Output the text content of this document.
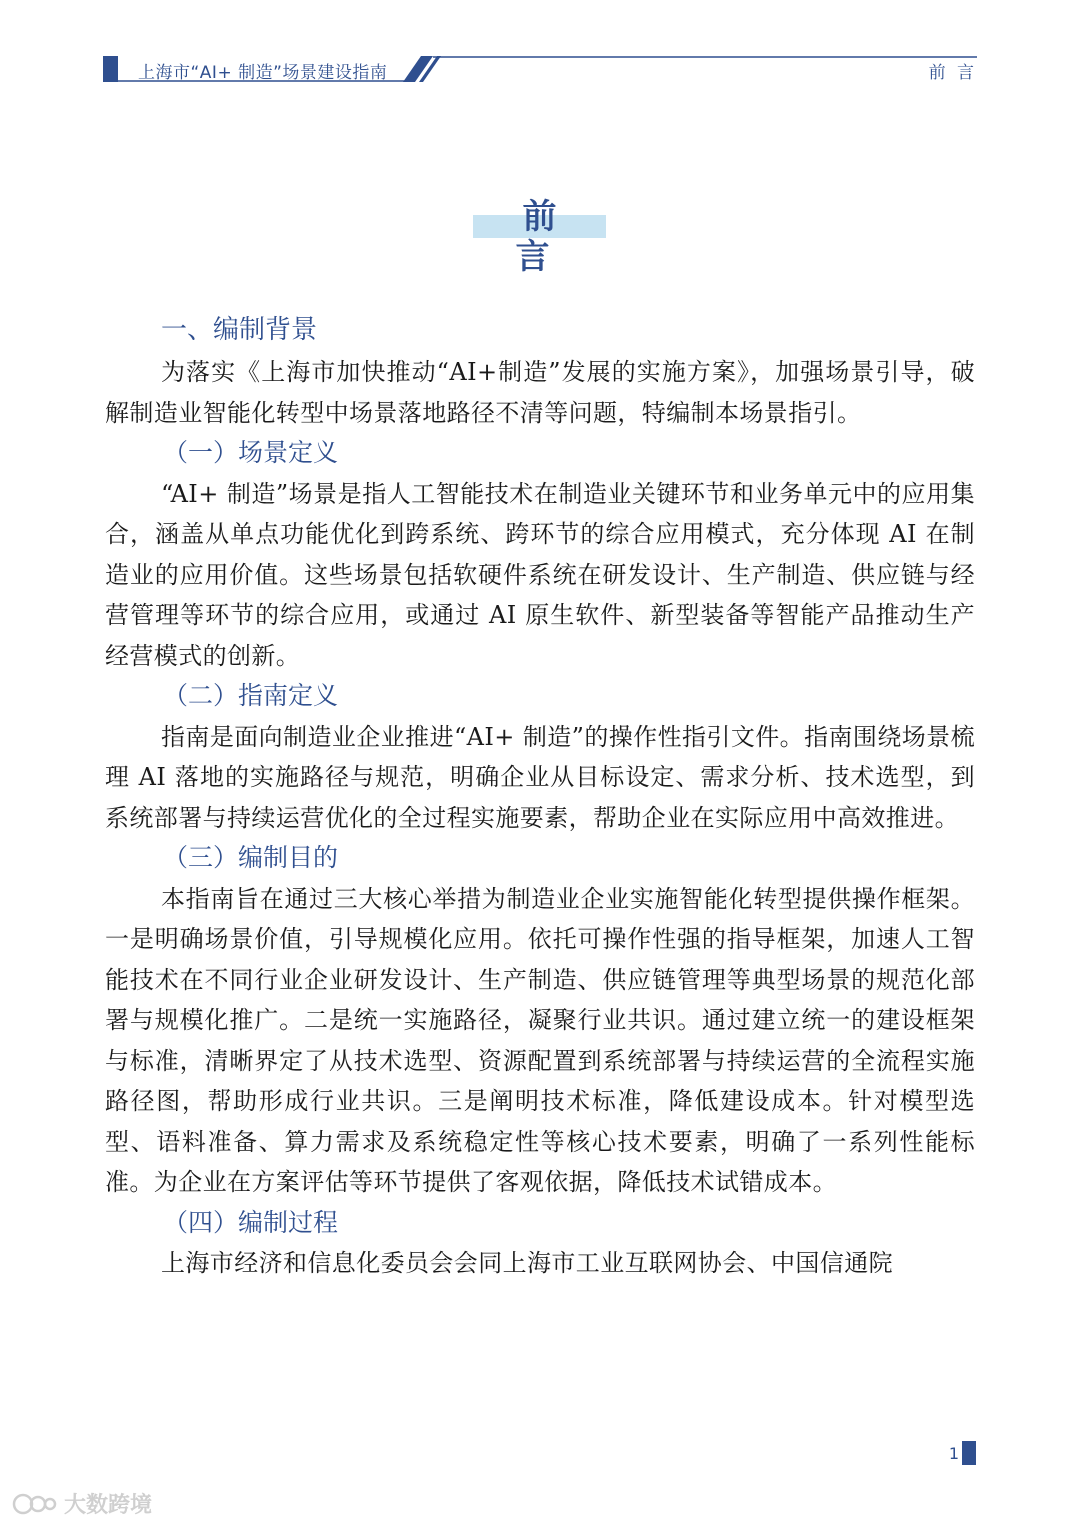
上海市“AI+ 制造”场景建设指南	前 言
前 言

一、编制背景

为落实《上海市加快推动“AI+制造”发展的实施方案》，加强场景引导，破解制造业智能化转型中场景落地路径不清等问题，特编制本场景指引。

（一）场景定义

“AI+ 制造”场景是指人工智能技术在制造业关键环节和业务单元中的应用集合，涵盖从单点功能优化到跨系统、跨环节的综合应用模式，充分体现 AI 在制造业的应用价值。这些场景包括软硬件系统在研发设计、生产制造、供应链与经营管理等环节的综合应用，或通过 AI 原生软件、新型装备等智能产品推动生产经营模式的创新。

（二）指南定义

指南是面向制造业企业推进“AI+ 制造”的操作性指引文件。指南围绕场景梳理 AI 落地的实施路径与规范，明确企业从目标设定、需求分析、技术选型，到系统部署与持续运营优化的全过程实施要素，帮助企业在实际应用中高效推进。

（三）编制目的

本指南旨在通过三大核心举措为制造业企业实施智能化转型提供操作框架。一是明确场景价值，引导规模化应用。依托可操作性强的指导框架，加速人工智能技术在不同行业企业研发设计、生产制造、供应链管理等典型场景的规范化部署与规模化推广。二是统一实施路径，凝聚行业共识。通过建立统一的建设框架与标准，清晰界定了从技术选型、资源配置到系统部署与持续运营的全流程实施路径图，帮助形成行业共识。三是阐明技术标准，降低建设成本。针对模型选型、语料准备、算力需求及系统稳定性等核心技术要素，明确了一系列性能标准。为企业在方案评估等环节提供了客观依据，降低技术试错成本。

（四）编制过程

上海市经济和信息化委员会会同上海市工业互联网协会、中国信通院

1
大数跨境
